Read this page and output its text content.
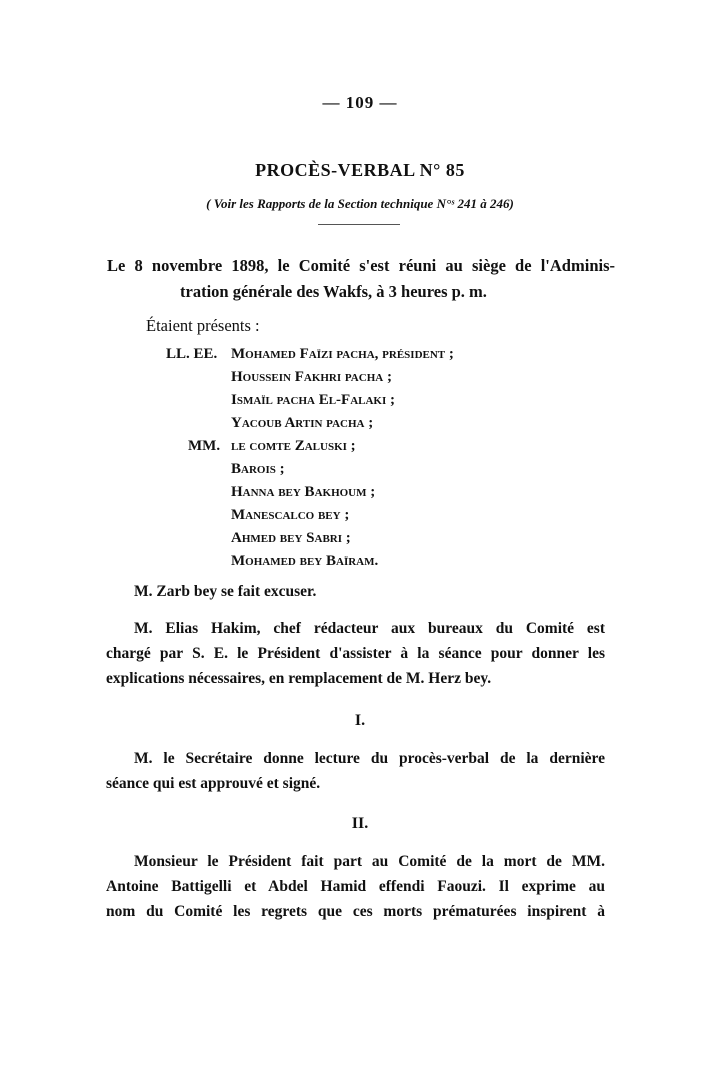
— 109 —
PROCÈS-VERBAL N° 85
( Voir les Rapports de la Section technique N°ˢ 241 à 246)
Le 8 novembre 1898, le Comité s'est réuni au siège de l'Adminis-
tration générale des Wakfs, à 3 heures p. m.
Étaient présents :
LL. EE. Mohamed Faïzi pacha, président ;
Houssein Fakhri pacha ;
Ismaïl pacha El-Falaki ;
Yacoub Artin pacha ;
MM. le comte Zaluski ;
Barois ;
Hanna bey Bakhoum ;
Manescalco bey ;
Ahmed bey Sabri ;
Mohamed bey Baïram.
M. Zarb bey se fait excuser.
M. Elias Hakim, chef rédacteur aux bureaux du Comité est
chargé par S. E. le Président d'assister à la séance pour donner les
explications nécessaires, en remplacement de M. Herz bey.
I.
M. le Secrétaire donne lecture du procès-verbal de la dernière
séance qui est approuvé et signé.
II.
Monsieur le Président fait part au Comité de la mort de MM.
Antoine Battigelli et Abdel Hamid effendi Faouzi. Il exprime au
nom du Comité les regrets que ces morts prématurées inspirent à
